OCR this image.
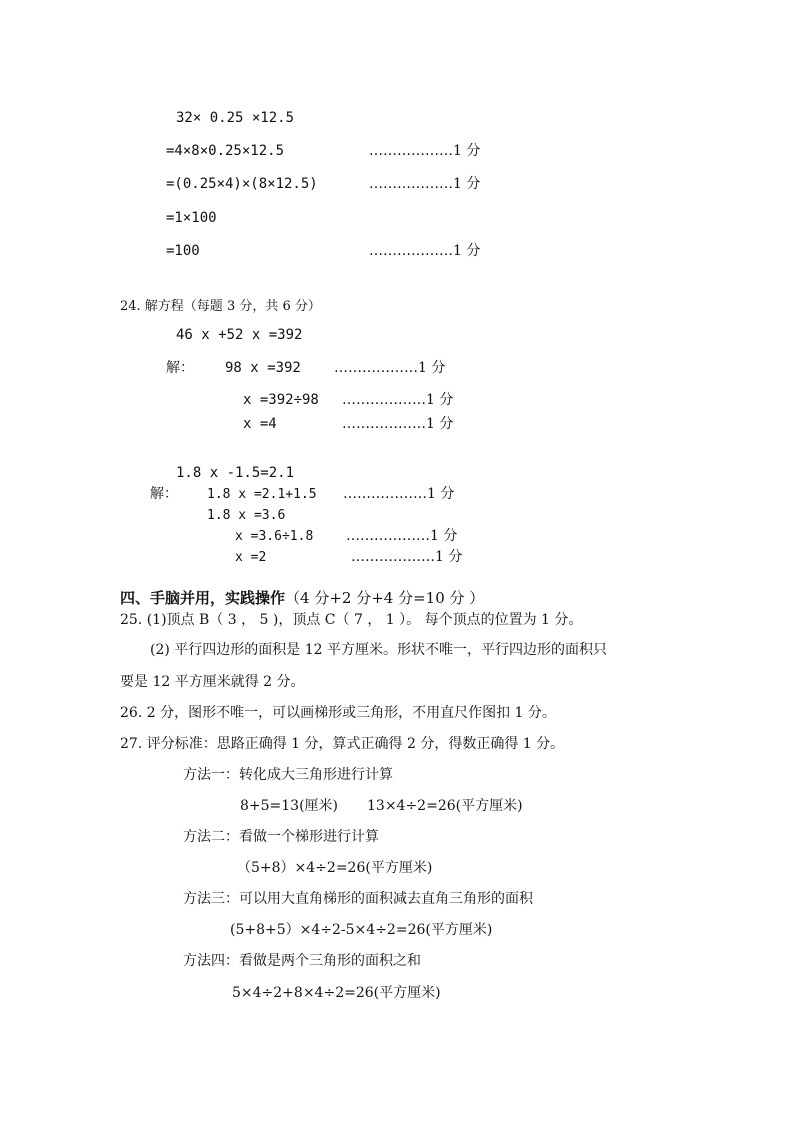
32× 0.25 ×12.5
=4×8×0.25×12.5	………………1 分
=(0.25×4)×(8×12.5)	………………1 分
=1×100
=100	………………1 分
24. 解方程（每题 3 分，共 6 分）
46 x +52 x =392
解： 98 x =392 ………………1 分
x =392÷98 ………………1 分
x =4	………………1 分
1.8 x -1.5=2.1
解： 1.8 x =2.1+1.5 ………………1 分
1.8 x =3.6
x =3.6÷1.8 ………………1 分
x =2	………………1 分
四、手脑并用，实践操作（4 分+2 分+4 分=10 分 ）
25. (1)顶点 B（ 3 ， 5 )，顶点 C（ 7 ， 1 ）。 每个顶点的位置为 1 分。
(2) 平行四边形的面积是 12 平方厘米。形状不唯一，平行四边形的面积只
要是 12 平方厘米就得 2 分。
26. 2 分，图形不唯一，可以画梯形或三角形，不用直尺作图扣 1 分。
27. 评分标准：思路正确得 1 分，算式正确得 2 分，得数正确得 1 分。
方法一：转化成大三角形进行计算
8+5=13(厘米) 13×4÷2=26(平方厘米)
方法二：看做一个梯形进行计算
（5+8）×4÷2=26(平方厘米)
方法三：可以用大直角梯形的面积减去直角三角形的面积
(5+8+5）×4÷2-5×4÷2=26(平方厘米)
方法四：看做是两个三角形的面积之和
5×4÷2+8×4÷2=26(平方厘米)
